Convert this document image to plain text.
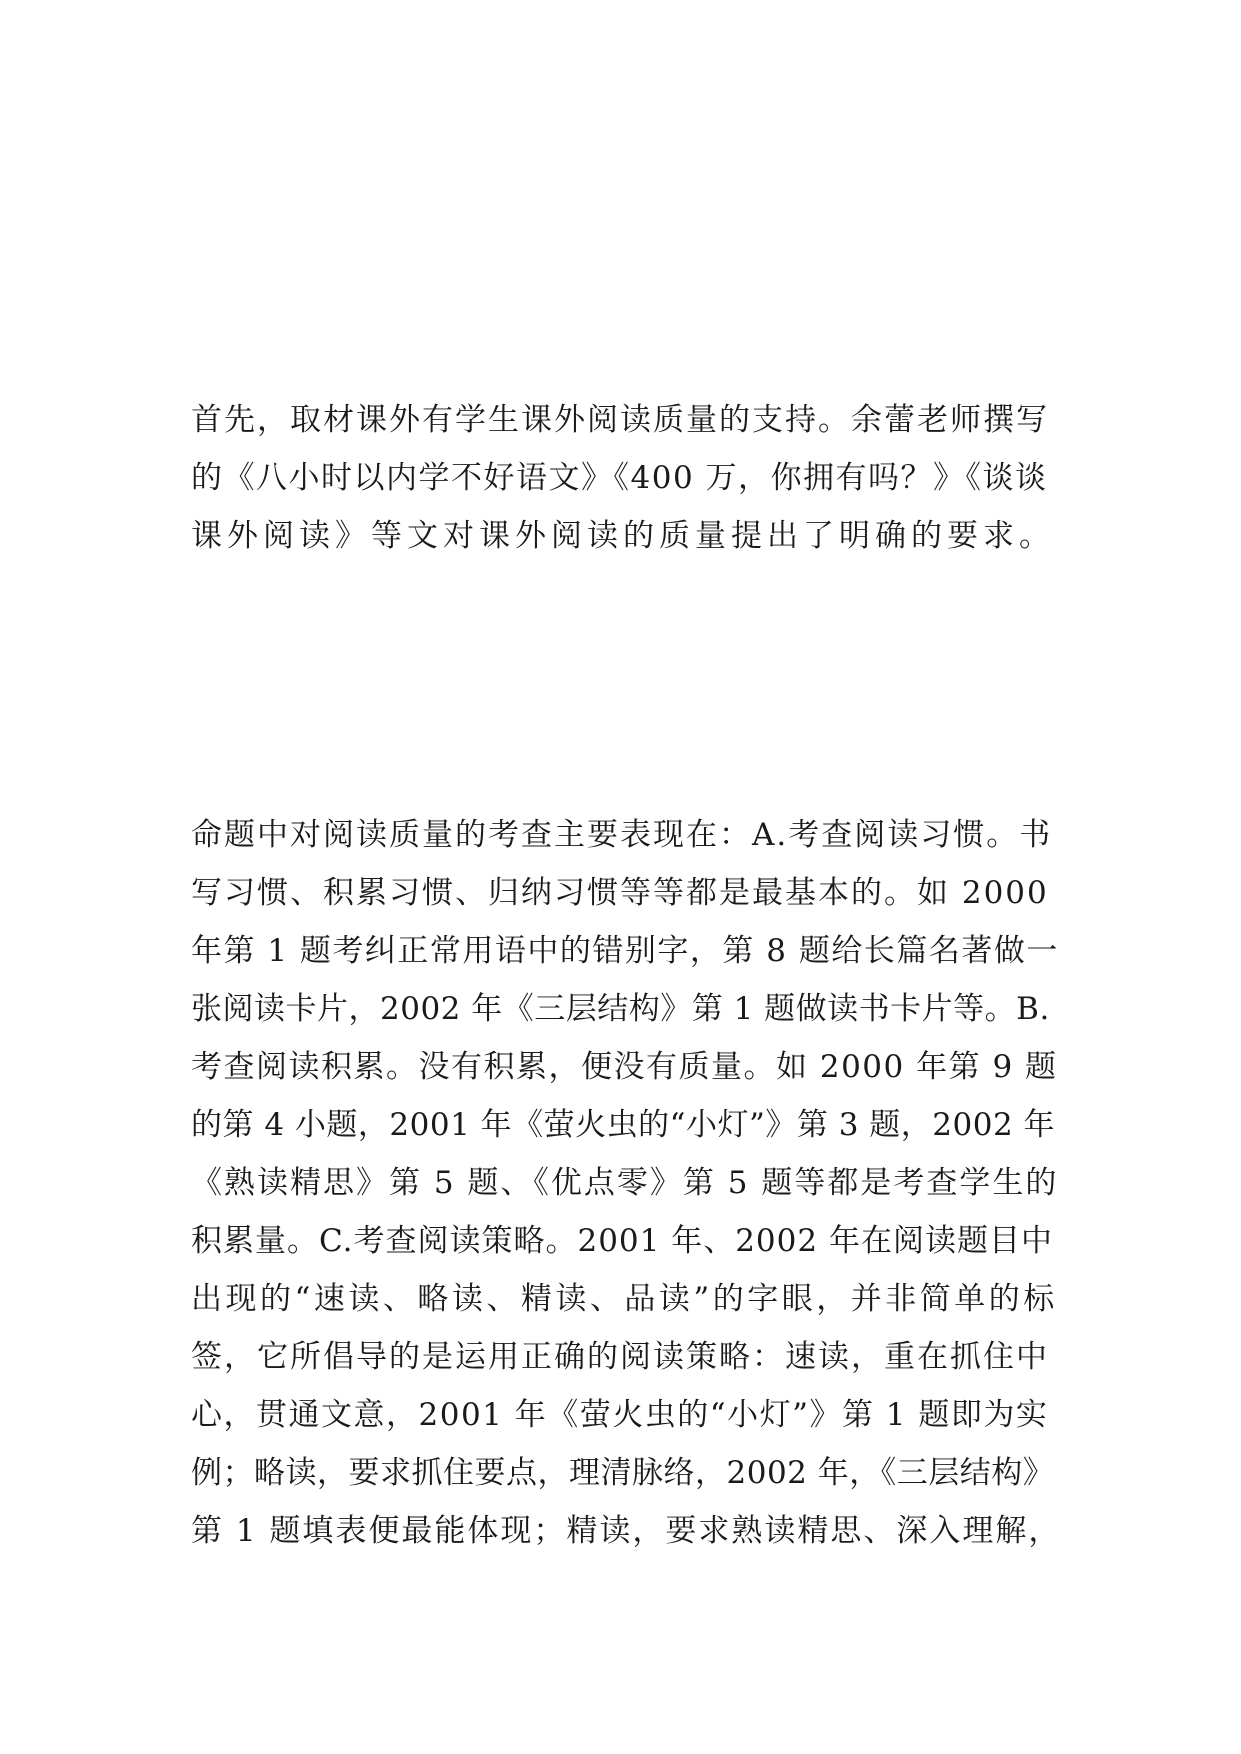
首先，取材课外有学生课外阅读质量的支持。余蕾老师撰写
的《八小时以内学不好语文》《400 万，你拥有吗？》《谈谈
课外阅读》等文对课外阅读的质量提出了明确的要求。
命题中对阅读质量的考查主要表现在：A.考查阅读习惯。书
写习惯、积累习惯、归纳习惯等等都是最基本的。如 2000
年第 1 题考纠正常用语中的错别字，第 8 题给长篇名著做一
张阅读卡片，2002 年《三层结构》第 1 题做读书卡片等。B.
考查阅读积累。没有积累，便没有质量。如 2000 年第 9 题
的第 4 小题，2001 年《萤火虫的“小灯”》第 3 题，2002 年
《熟读精思》第 5 题、《优点零》第 5 题等都是考查学生的
积累量。C.考查阅读策略。2001 年、2002 年在阅读题目中
出现的“速读、略读、精读、品读”的字眼，并非简单的标
签，它所倡导的是运用正确的阅读策略：速读，重在抓住中
心，贯通文意，2001 年《萤火虫的“小灯”》第 1 题即为实
例；略读，要求抓住要点，理清脉络，2002 年，《三层结构》
第 1 题填表便最能体现；精读，要求熟读精思、深入理解，
